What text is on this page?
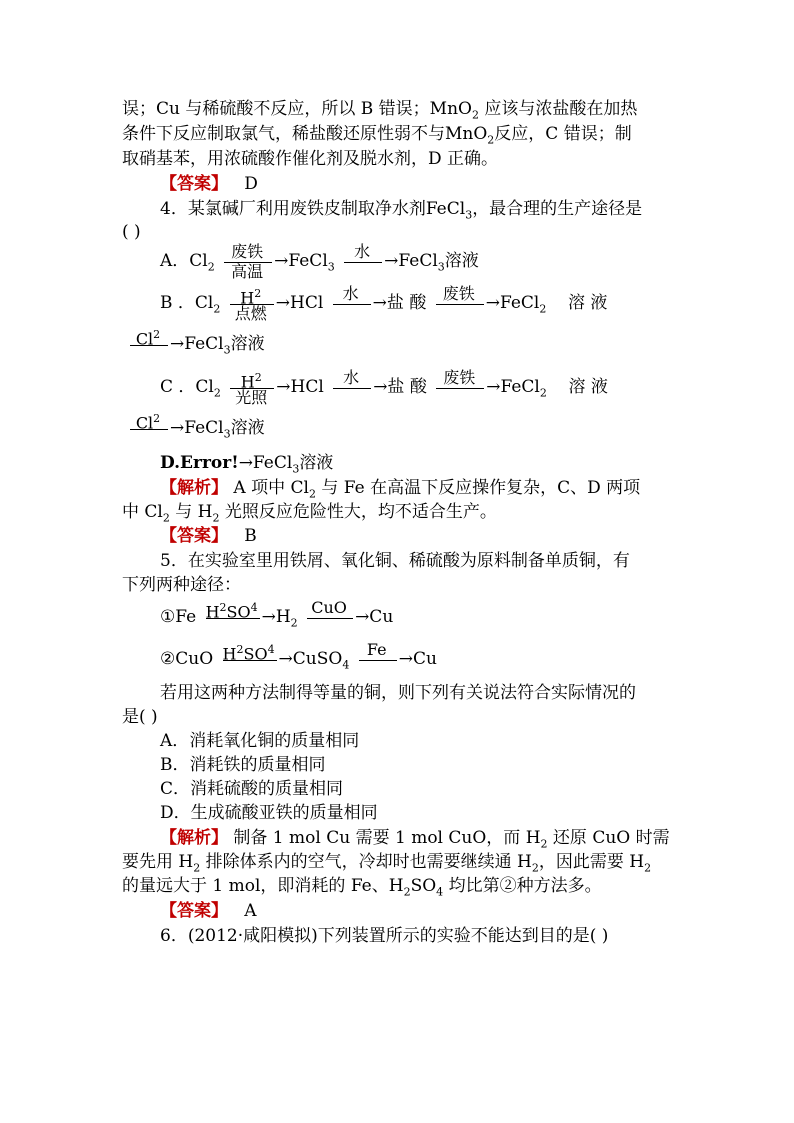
误；Cu 与稀硫酸不反应，所以 B 错误；MnO$_2$ 应该与浓盐酸在加热
条件下反应制取氯气，稀盐酸还原性弱不与MnO$_2$反应，C 错误；制
取硝基苯，用浓硫酸作催化剂及脱水剂，D 正确。
【答案】 D
4．某氯碱厂利用废铁皮制取净水剂FeCl$_3$，最合理的生产途径是
( )
A．$Cl_2$
废铁
高温 →FeCl$_3$
水 →FeCl$_3$溶液
B ．$Cl_2$
$H^2$
点燃 →HCl	水 →盐 酸	废铁 →FeCl$_2$ 溶 液
$Cl^2$ →FeCl$_3$溶液
C ．$Cl_2$
$H^2$
光照 →HCl	水 →盐 酸	废铁 →FeCl$_2$ 溶 液
$Cl^2$ →FeCl$_3$溶液
D.Error!→FeCl$_3$溶液
【解析】 A 项中 $Cl_2$ 与 Fe 在高温下反应操作复杂，C、D 两项
中 $Cl_2$ 与 $H_2$ 光照反应危险性大，均不适合生产。
【答案】 B
5．在实验室里用铁屑、氧化铜、稀硫酸为原料制备单质铜，有
下列两种途径：
①Fe $H^2SO^4 \to H_2$
CuO →Cu
②CuO $H^2SO^4$ →CuSO$_4$
Fe →Cu
若用这两种方法制得等量的铜，则下列有关说法符合实际情况的
是( )
A．消耗氧化铜的质量相同
B．消耗铁的质量相同
C．消耗硫酸的质量相同
D．生成硫酸亚铁的质量相同
【解析】 制备 1 mol Cu 需要 1 mol CuO，而 $H_2$ 还原 CuO 时需
要先用 $H_2$ 排除体系内的空气，冷却时也需要继续通 $H_2$，因此需要 $H_2$
的量远大于 1 mol，即消耗的 Fe、$H_2SO_4$ 均比第②种方法多。
【答案】 A
6．(2012·咸阳模拟)下列装置所示的实验不能达到目的是( )
